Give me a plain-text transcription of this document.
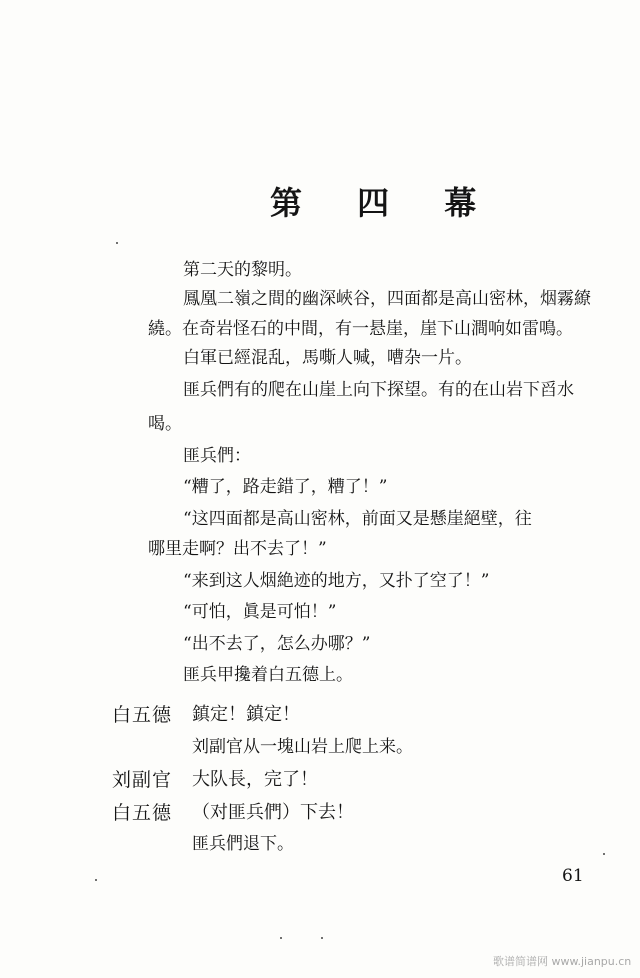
第 四 幕
第二天的黎明。
鳳凰二嶺之間的幽深峽谷，四面都是高山密林，烟霧繚
繞。在奇岩怪石的中間，有一悬崖，崖下山澗响如雷鳴。
白軍已經混乱，馬嘶人喊，嘈杂一片。
匪兵們有的爬在山崖上向下探望。有的在山岩下舀水
喝。
匪兵們：
“糟了，路走錯了，糟了！”
“这四面都是高山密林，前面又是懸崖絕壁，往
哪里走啊？出不去了！”
“来到这人烟絶迹的地方，又扑了空了！”
“可怕，眞是可怕！”
“出不去了，怎么办哪？”
匪兵甲攙着白五德上。
白五德 鎮定！鎮定！
刘副官从一塊山岩上爬上来。
刘副官 大队長，完了！
白五德 （对匪兵們）下去！
匪兵們退下。
61
歌谱简谱网 www.jianpu.cn
